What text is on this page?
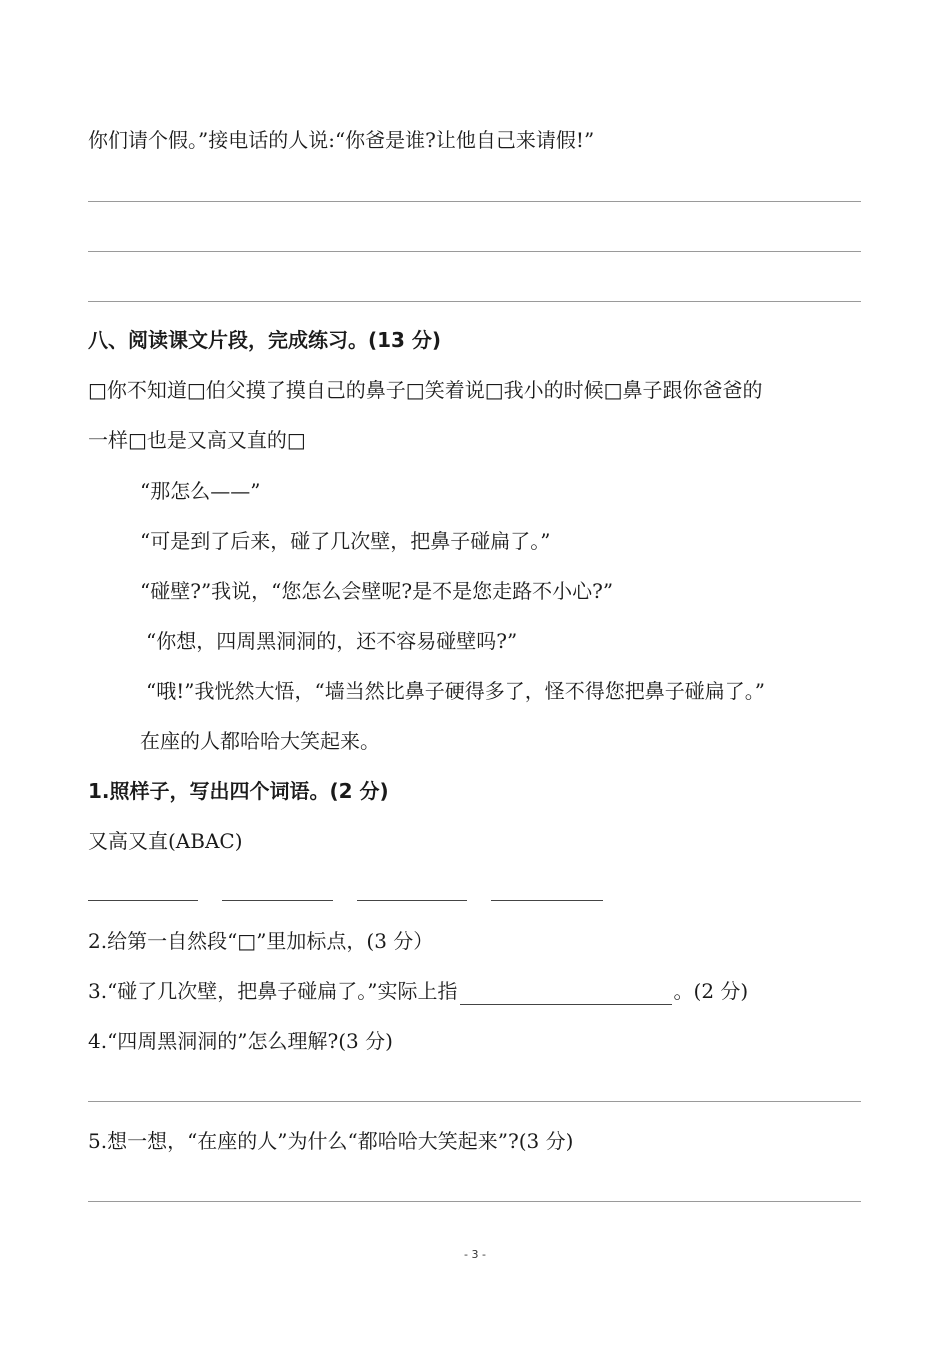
你们请个假。”接电话的人说:“你爸是谁?让他自己来请假!”
八、阅读课文片段，完成练习。(13 分)
□你不知道□伯父摸了摸自己的鼻子□笑着说□我小的时候□鼻子跟你爸爸的
一样□也是又高又直的□
“那怎么——”
“可是到了后来，碰了几次壁，把鼻子碰扁了。”
“碰壁?”我说，“您怎么会壁呢?是不是您走路不小心?”
“你想，四周黑洞洞的，还不容易碰壁吗?”
“哦!”我恍然大悟，“墙当然比鼻子硬得多了，怪不得您把鼻子碰扁了。”
在座的人都哈哈大笑起来。
1.照样子，写出四个词语。(2 分)
又高又直(ABAC)
2.给第一自然段“□”里加标点，(3 分）
3.“碰了几次壁，把鼻子碰扁了。”实际上指	。(2 分)
4.“四周黑洞洞的”怎么理解?(3 分)
5.想一想，“在座的人”为什么“都哈哈大笑起来”?(3 分)
- 3 -
